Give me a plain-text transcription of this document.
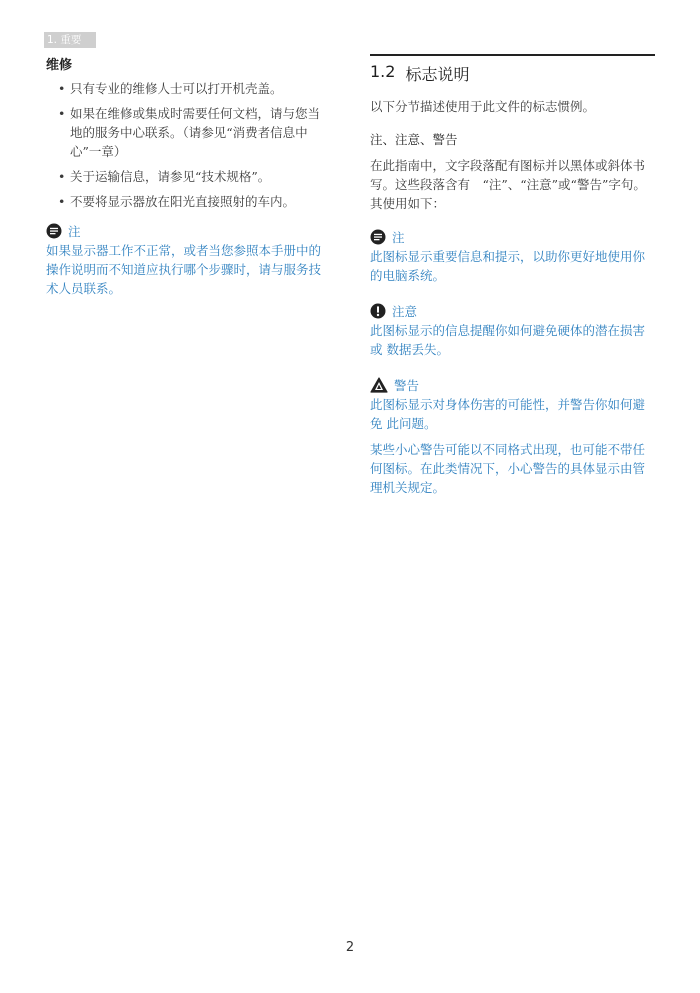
1. 重要
维修
• 只有专业的维修人士可以打开机壳盖。
• 如果在维修或集成时需要任何文档，请与您当地的服务中心联系。（请参见“消费者信息中心”一章）
• 关于运输信息，请参见“技术规格”。
• 不要将显示器放在阳光直接照射的车内。
注

如果显示器工作不正常，或者当您参照本手册中的操作说明而不知道应执行哪个步骤时，请与服务技术人员联系。

1.2 标志说明

以下分节描述使用于此文件的标志惯例。

注、注意、警告

在此指南中，文字段落配有图标并以黑体或斜体书写。这些段落含有　“注”、“注意”或“警告”字句。其使用如下：

注

此图标显示重要信息和提示，以助你更好地使用你 的电脑系统。

注意

此图标显示的信息提醒你如何避免硬体的潜在损害或 数据丢失。

警告

此图标显示对身体伤害的可能性，并警告你如何避免 此问题。

某些小心警告可能以不同格式出现，也可能不带任何图标。在此类情况下，小心警告的具体显示由管理机关规定。

2
